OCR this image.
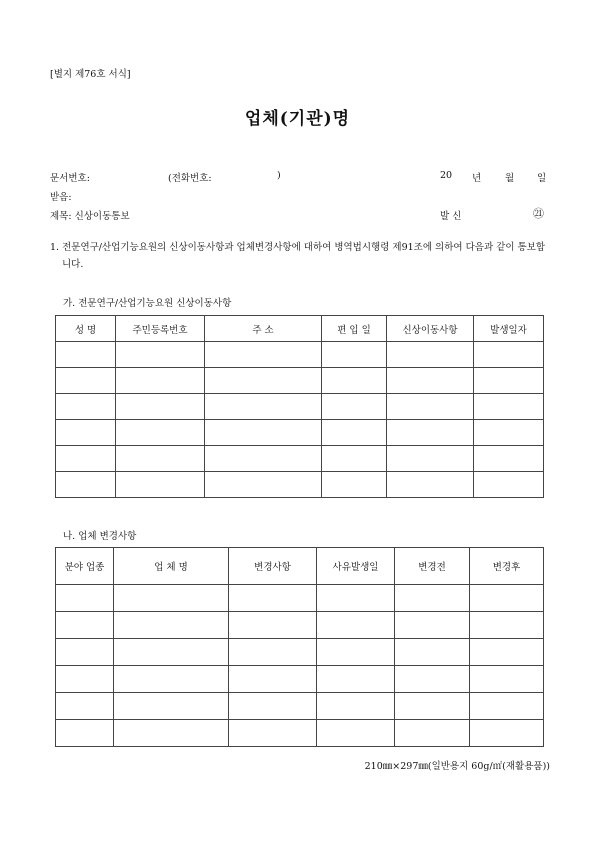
[별지 제76호 서식]
업체(기관)명
문서번호:	(전화번호:	)	20 년	월 일
받음:
제목: 신상이동통보	발 신	㉑
1. 전문연구/산업기능요원의 신상이동사항과 업체변경사항에 대하여 병역법시행령 제91조에 의하여 다음과 같이 통보합니다.
가. 전문연구/산업기능요원 신상이동사항
성 명	주민등록번호	주 소	편 입 일	신상이동사항	발생일자

나. 업체 변경사항
분야 업종	업 체 명	변경사항	사유발생일	변경전	변경후

210㎜×297㎜(일반용지 60g/㎡(재활용품))
